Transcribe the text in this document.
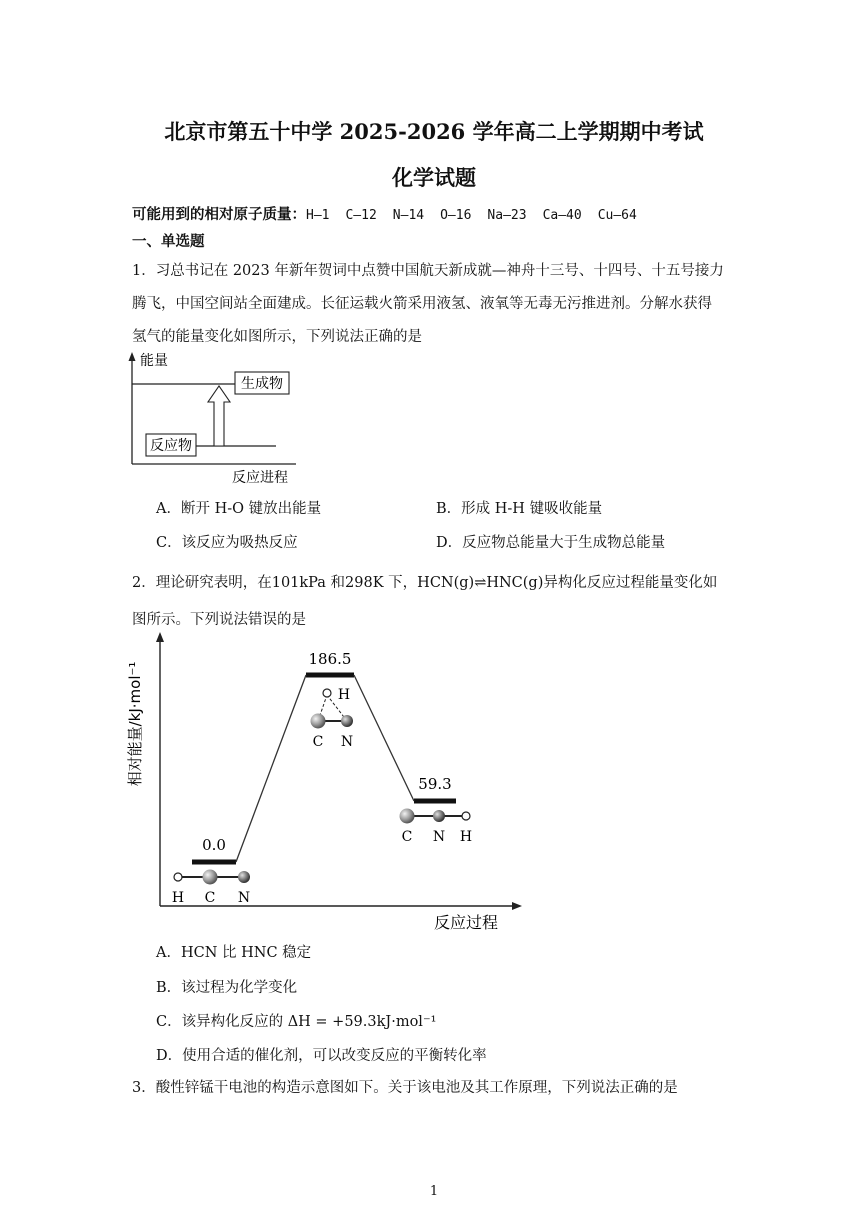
北京市第五十中学 2025-2026 学年高二上学期期中考试
化学试题
可能用到的相对原子质量：H—1 C—12 N—14 O—16 Na—23 Ca—40 Cu—64
一、单选题
1．习总书记在 2023 年新年贺词中点赞中国航天新成就—神舟十三号、十四号、十五号接力
腾飞，中国空间站全面建成。长征运载火箭采用液氢、液氧等无毒无污推进剂。分解水获得
氢气的能量变化如图所示，下列说法正确的是
生成物
反应物
能量
反应进程
A．断开 H-O 键放出能量	B．形成 H-H 键吸收能量
C．该反应为吸热反应	D．反应物总能量大于生成物总能量
2．理论研究表明，在101kPa 和298K 下，HCN(g)⇌HNC(g)异构化反应过程能量变化如
图所示。下列说法错误的是
相对能量/kJ·mol⁻¹
反应过程
0.0
186.5
59.3
H C N
C N
H
C N H
A．HCN 比 HNC 稳定
B．该过程为化学变化
C．该异构化反应的 ΔH = +59.3kJ·mol⁻¹
D．使用合适的催化剂，可以改变反应的平衡转化率
3．酸性锌锰干电池的构造示意图如下。关于该电池及其工作原理，下列说法正确的是
1
